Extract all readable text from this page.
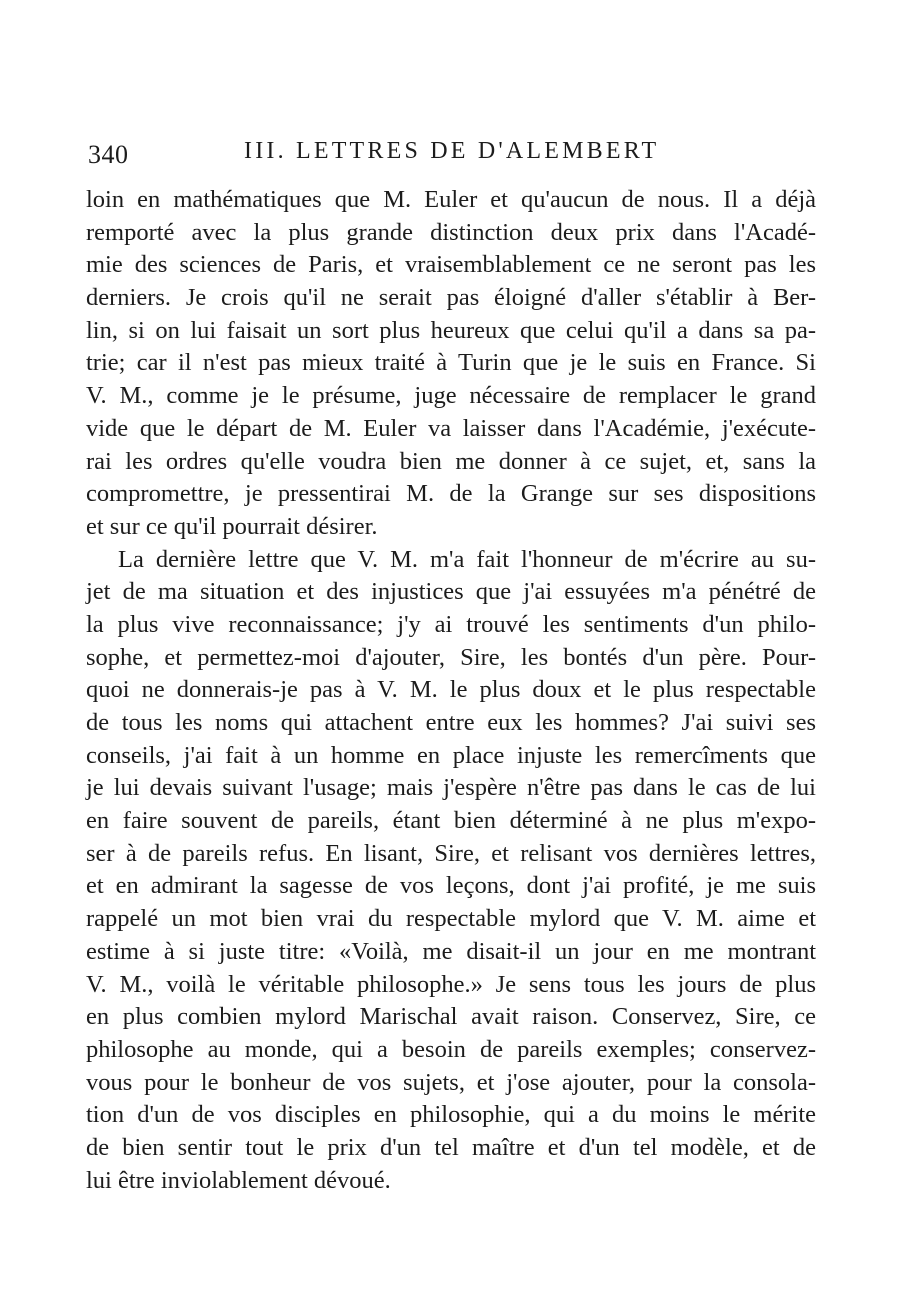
340	III. LETTRES DE D'ALEMBERT
loin en mathématiques que M. Euler et qu'aucun de nous. Il a déjà
remporté avec la plus grande distinction deux prix dans l'Acadé-
mie des sciences de Paris, et vraisemblablement ce ne seront pas les
derniers. Je crois qu'il ne serait pas éloigné d'aller s'établir à Ber-
lin, si on lui faisait un sort plus heureux que celui qu'il a dans sa pa-
trie; car il n'est pas mieux traité à Turin que je le suis en France. Si
V. M., comme je le présume, juge nécessaire de remplacer le grand
vide que le départ de M. Euler va laisser dans l'Académie, j'exécute-
rai les ordres qu'elle voudra bien me donner à ce sujet, et, sans la
compromettre, je pressentirai M. de la Grange sur ses dispositions
et sur ce qu'il pourrait désirer.
La dernière lettre que V. M. m'a fait l'honneur de m'écrire au su-
jet de ma situation et des injustices que j'ai essuyées m'a pénétré de
la plus vive reconnaissance; j'y ai trouvé les sentiments d'un philo-
sophe, et permettez-moi d'ajouter, Sire, les bontés d'un père. Pour-
quoi ne donnerais-je pas à V. M. le plus doux et le plus respectable
de tous les noms qui attachent entre eux les hommes? J'ai suivi ses
conseils, j'ai fait à un homme en place injuste les remercîments que
je lui devais suivant l'usage; mais j'espère n'être pas dans le cas de lui
en faire souvent de pareils, étant bien déterminé à ne plus m'expo-
ser à de pareils refus. En lisant, Sire, et relisant vos dernières lettres,
et en admirant la sagesse de vos leçons, dont j'ai profité, je me suis
rappelé un mot bien vrai du respectable mylord que V. M. aime et
estime à si juste titre: «Voilà, me disait-il un jour en me montrant
V. M., voilà le véritable philosophe.» Je sens tous les jours de plus
en plus combien mylord Marischal avait raison. Conservez, Sire, ce
philosophe au monde, qui a besoin de pareils exemples; conservez-
vous pour le bonheur de vos sujets, et j'ose ajouter, pour la consola-
tion d'un de vos disciples en philosophie, qui a du moins le mérite
de bien sentir tout le prix d'un tel maître et d'un tel modèle, et de
lui être inviolablement dévoué.
